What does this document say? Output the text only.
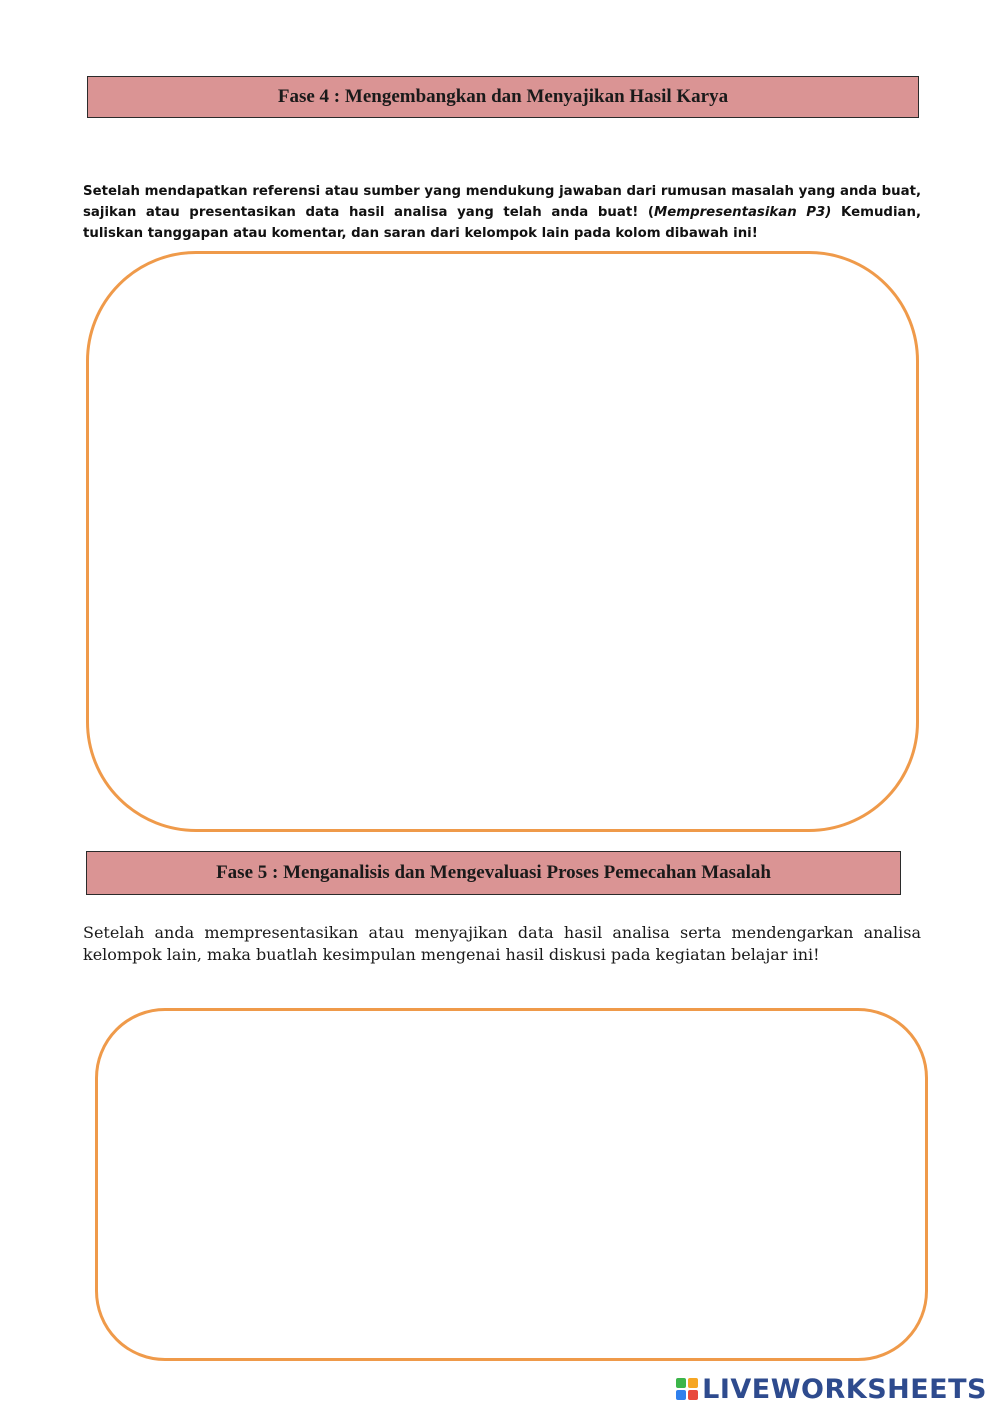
Fase 4 : Mengembangkan dan Menyajikan Hasil Karya
Setelah mendapatkan referensi atau sumber yang mendukung jawaban dari rumusan masalah yang anda buat, sajikan atau presentasikan data hasil analisa yang telah anda buat! (Mempresentasikan P3) Kemudian, tuliskan tanggapan atau komentar, dan saran dari kelompok lain pada kolom dibawah ini!
Fase 5 : Menganalisis dan Mengevaluasi Proses Pemecahan Masalah
Setelah anda mempresentasikan atau menyajikan data hasil analisa serta mendengarkan analisa kelompok lain, maka buatlah kesimpulan mengenai hasil diskusi pada kegiatan belajar ini!
LIVEWORKSHEETS
